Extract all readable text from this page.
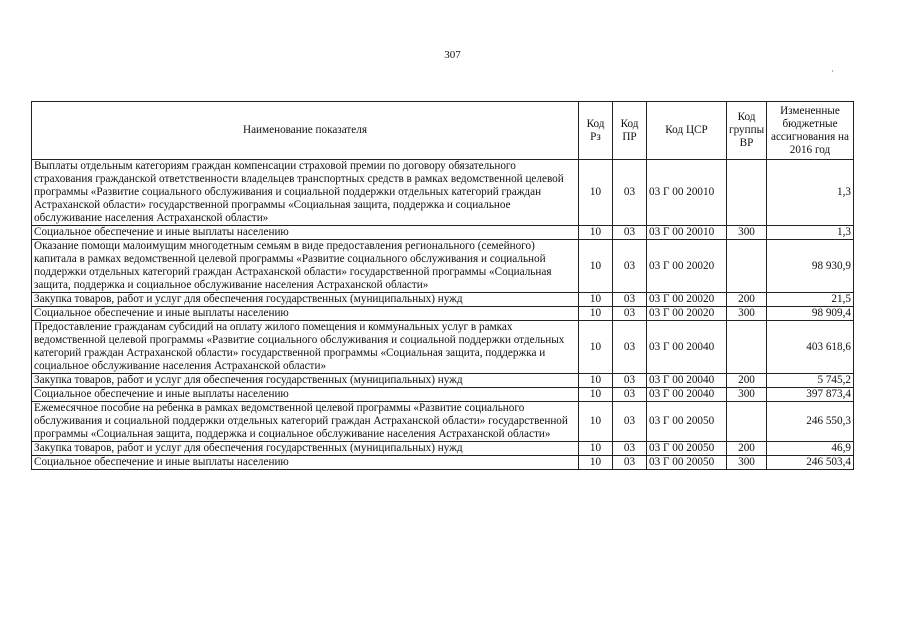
307
·
Наименование показателя	Код Рз	Код ПР	Код ЦСР	Код группы ВР	Измененные бюджетные ассигнования на 2016 год
Выплаты отдельным категориям граждан компенсации страховой премии по договору обязательного страхования гражданской ответственности владельцев транспортных средств в рамках ведомственной целевой программы «Развитие социального обслуживания и социальной поддержки отдельных категорий граждан Астраханской области» государственной программы «Социальная защита, поддержка и социальное обслуживание населения Астраханской области»	10	03	03 Г 00 20010		1,3
Социальное обеспечение и иные выплаты населению	10	03	03 Г 00 20010	300	1,3
Оказание помощи малоимущим многодетным семьям в виде предоставления регионального (семейного) капитала в рамках ведомственной целевой программы «Развитие социального обслуживания и социальной поддержки отдельных категорий граждан Астраханской области» государственной программы «Социальная защита, поддержка и социальное обслуживание населения Астраханской области»	10	03	03 Г 00 20020		98 930,9
Закупка товаров, работ и услуг для обеспечения государственных (муниципальных) нужд	10	03	03 Г 00 20020	200	21,5
Социальное обеспечение и иные выплаты населению	10	03	03 Г 00 20020	300	98 909,4
Предоставление гражданам субсидий на оплату жилого помещения и коммунальных услуг в рамках ведомственной целевой программы «Развитие социального обслуживания и социальной поддержки отдельных категорий граждан Астраханской области» государственной программы «Социальная защита, поддержка и социальное обслуживание населения Астраханской области»	10	03	03 Г 00 20040		403 618,6
Закупка товаров, работ и услуг для обеспечения государственных (муниципальных) нужд	10	03	03 Г 00 20040	200	5 745,2
Социальное обеспечение и иные выплаты населению	10	03	03 Г 00 20040	300	397 873,4
Ежемесячное пособие на ребенка в рамках ведомственной целевой программы «Развитие социального обслуживания и социальной поддержки отдельных категорий граждан Астраханской области» государственной программы «Социальная защита, поддержка и социальное обслуживание населения Астраханской области»	10	03	03 Г 00 20050		246 550,3
Закупка товаров, работ и услуг для обеспечения государственных (муниципальных) нужд	10	03	03 Г 00 20050	200	46,9
Социальное обеспечение и иные выплаты населению	10	03	03 Г 00 20050	300	246 503,4
